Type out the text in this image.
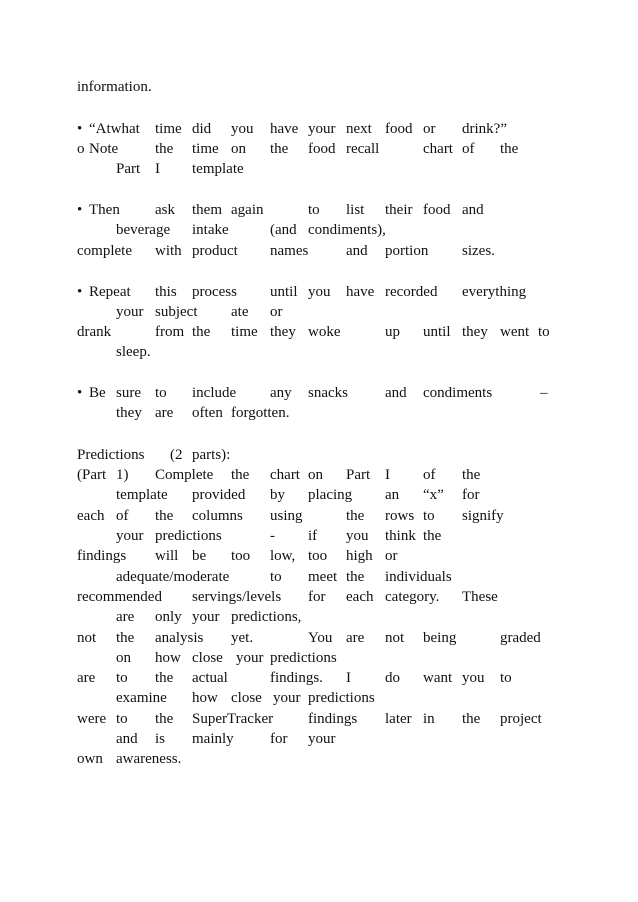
information.
• “Atwhat time did you have your next food or drink?”
o Note the time on the food recall	chart of the
Part I template
• Then ask them again	to list their food and
beverage intake	(and condiments),
complete with product names	and portion sizes.
• Repeat this process until you have recorded everything
your subject ate or
drank	from the time they woke	up until they went to
sleep.
• Be sure to include any snacks and condiments	–
they are often forgotten.
Predictions (2 parts):
(Part 1) Complete the chart on Part I of the
template provided by placing an “x” for
each of the columns using	the rows to signify
your predictions	- if you think the
findings will be too low, too high or
adequate/moderate	to meet the individuals
recommended servings/levels for each category. These
are only your predictions,
not the analysis yet.	You are not being	graded
on how close your predictions
are to the actual	findings. I do want you to
examine how close your predictions
were to the SuperTracker findings later in the project
and is mainly for your
own awareness.
